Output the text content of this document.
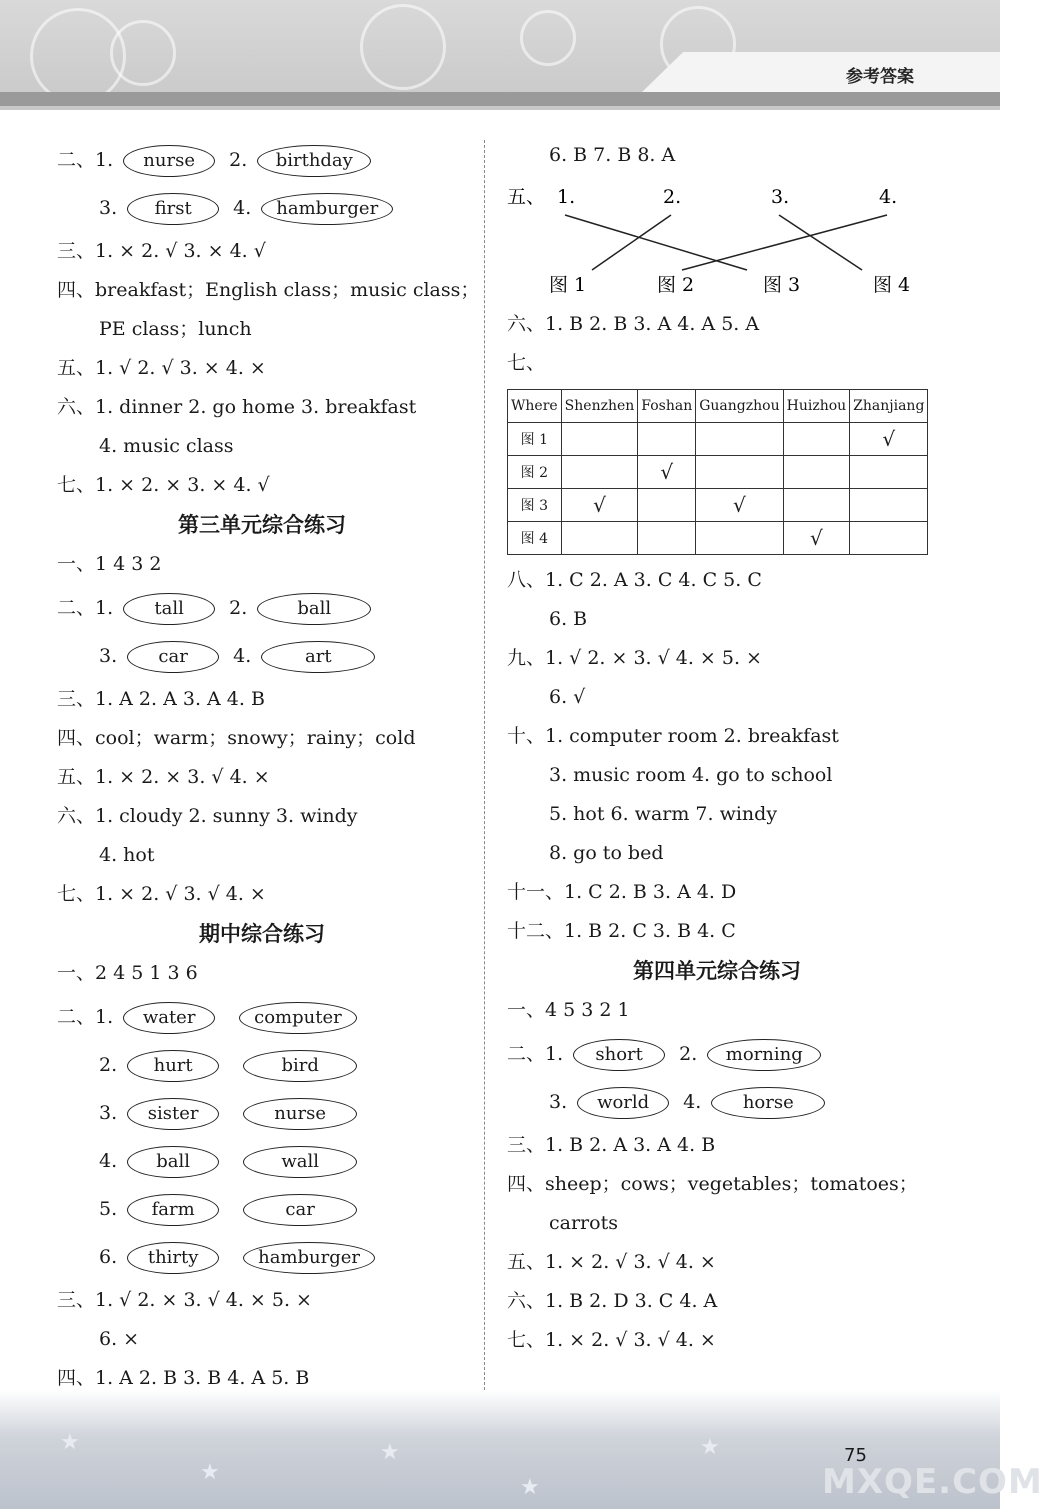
参考答案
二、1. nurse 2. birthday
3. first 4. hamburger
三、1. × 2. √ 3. × 4. √
四、breakfast；English class；music class；
PE class；lunch
五、1. √ 2. √ 3. × 4. ×
六、1. dinner 2. go home 3. breakfast
4. music class
七、1. × 2. × 3. × 4. √
第三单元综合练习
一、1 4 3 2
二、1. tall 2.	ball
3. car 4.	art
三、1. A 2. A 3. A 4. B
四、cool；warm；snowy；rainy；cold
五、1. × 2. × 3. √ 4. ×
六、1. cloudy 2. sunny 3. windy
4. hot
七、1. × 2. √ 3. √ 4. ×
期中综合练习
一、2 4 5 1 3 6
二、1. water	computer
2. hurt	bird
3. sister	nurse
4. ball	wall
5. farm	car
6. thirty	hamburger
三、1. √ 2. × 3. √ 4. × 5. ×
6. ×
四、1. A 2. B 3. B 4. A 5. B
6. B 7. B 8. A
五、 1.	2.	3.	4.
图 1	图 2	图 3	图 4
六、1. B 2. B 3. A 4. A 5. A
七、
Where	Shenzhen	Foshan	Guangzhou	Huizhou	Zhanjiang
图 1					√
图 2		√			
图 3	√		√		
图 4				√	
八、1. C 2. A 3. C 4. C 5. C
6. B
九、1. √ 2. × 3. √ 4. × 5. ×
6. √
十、1. computer room 2. breakfast
3. music room 4. go to school
5. hot 6. warm 7. windy
8. go to bed
十一、1. C 2. B 3. A 4. D
十二、1. B 2. C 3. B 4. C
第四单元综合练习
一、4 5 3 2 1
二、1. short 2. morning
3. world 4. horse
三、1. B 2. A 3. A 4. B
四、sheep；cows；vegetables；tomatoes；
carrots
五、1. × 2. √ 3. √ 4. ×
六、1. B 2. D 3. C 4. A
七、1. × 2. √ 3. √ 4. ×
★
★
★
★
★	75
MXQE.COM
